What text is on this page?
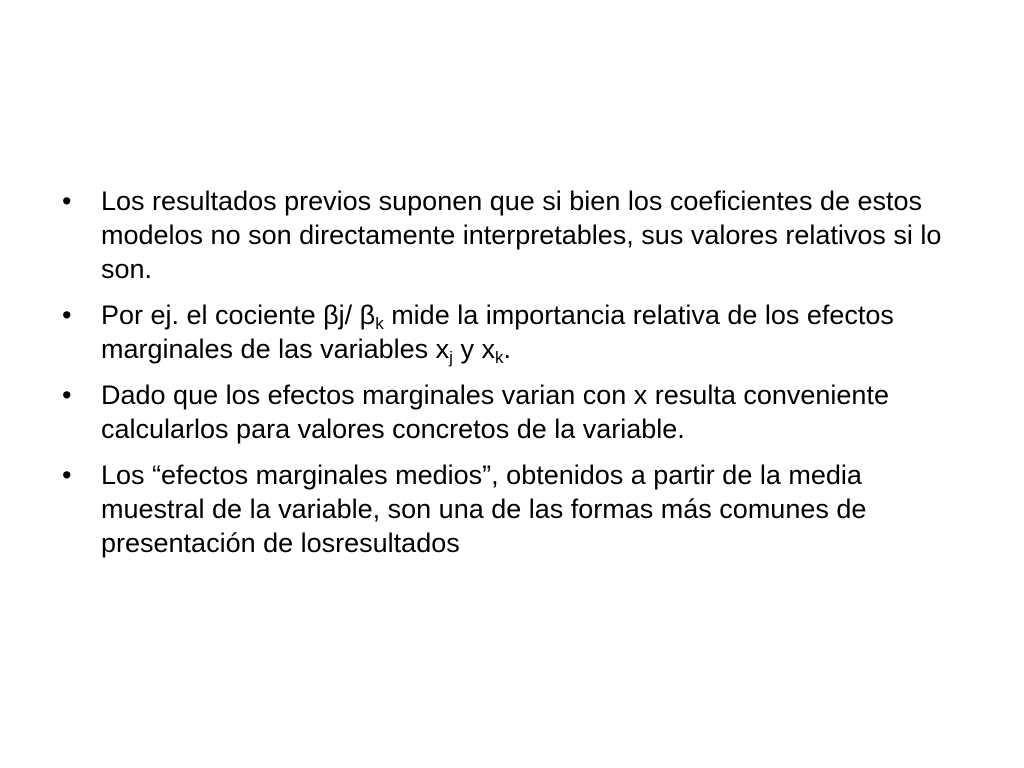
• Los resultados previos suponen que si bien los coeficientes de estos modelos no son directamente interpretables, sus valores relativos si lo son.
• Por ej. el cociente βj/ $\beta_k$ mide la importancia relativa de los efectos marginales de las variables $x_j$ y $x_k$.
• Dado que los efectos marginales varian con x resulta conveniente calcularlos para valores concretos de la variable.
• Los “efectos marginales medios”, obtenidos a partir de la media muestral de la variable, son una de las formas más comunes de presentación de losresultados
